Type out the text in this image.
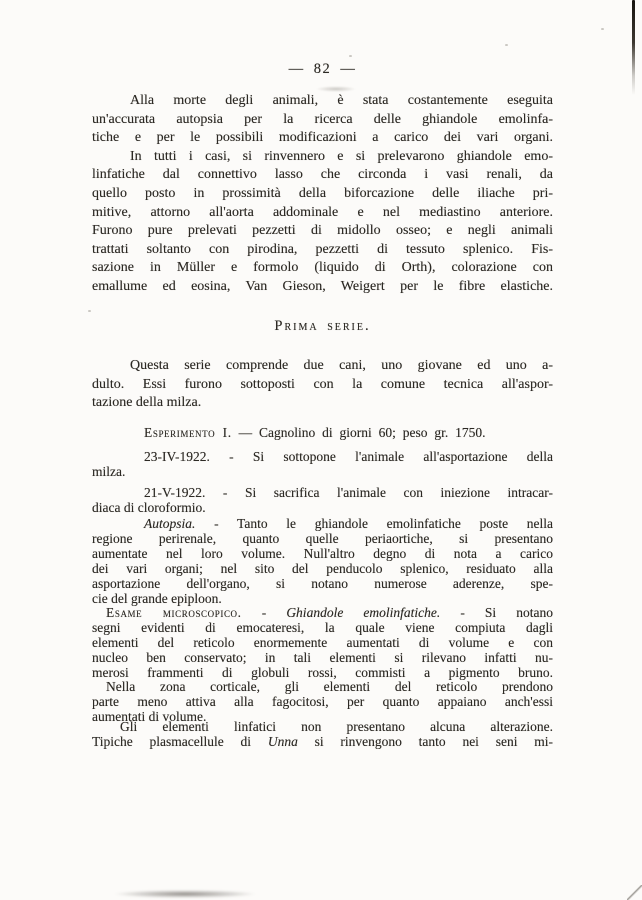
— 82 —
Alla morte degli animali, è stata costantemente eseguita
un'accurata autopsia per la ricerca delle ghiandole emolinfa-
tiche e per le possibili modificazioni a carico dei vari organi.
In tutti i casi, si rinvennero e si prelevarono ghiandole emo-
linfatiche dal connettivo lasso che circonda i vasi renali, da
quello posto in prossimità della biforcazione delle iliache pri-
mitive, attorno all'aorta addominale e nel mediastino anteriore.
Furono pure prelevati pezzetti di midollo osseo; e negli animali
trattati soltanto con pirodina, pezzetti di tessuto splenico. Fis-
sazione in Müller e formolo (liquido di Orth), colorazione con
emallume ed eosina, Van Gieson, Weigert per le fibre elastiche.
Prima serie.
Questa serie comprende due cani, uno giovane ed uno a-
dulto. Essi furono sottoposti con la comune tecnica all'aspor-
tazione della milza.
Esperimento I. — Cagnolino di giorni 60; peso gr. 1750.
23-IV-1922. - Si sottopone l'animale all'asportazione della
milza.
21-V-1922. - Si sacrifica l'animale con iniezione intracar-
diaca di cloroformio.
Autopsia. - Tanto le ghiandole emolinfatiche poste nella
regione perirenale, quanto quelle periaortiche, si presentano
aumentate nel loro volume. Null'altro degno di nota a carico
dei vari organi; nel sito del penducolo splenico, residuato alla
asportazione dell'organo, si notano numerose aderenze, spe-
cie del grande epiploon.
Esame microscopico. - Ghiandole emolinfatiche. - Si notano
segni evidenti di emocateresi, la quale viene compiuta dagli
elementi del reticolo enormemente aumentati di volume e con
nucleo ben conservato; in tali elementi si rilevano infatti nu-
merosi frammenti di globuli rossi, commisti a pigmento bruno.
Nella zona corticale, gli elementi del reticolo prendono
parte meno attiva alla fagocitosi, per quanto appaiano anch'essi
aumentati di volume.
Gli elementi linfatici non presentano alcuna alterazione.
Tipiche plasmacellule di Unna si rinvengono tanto nei seni mi-
